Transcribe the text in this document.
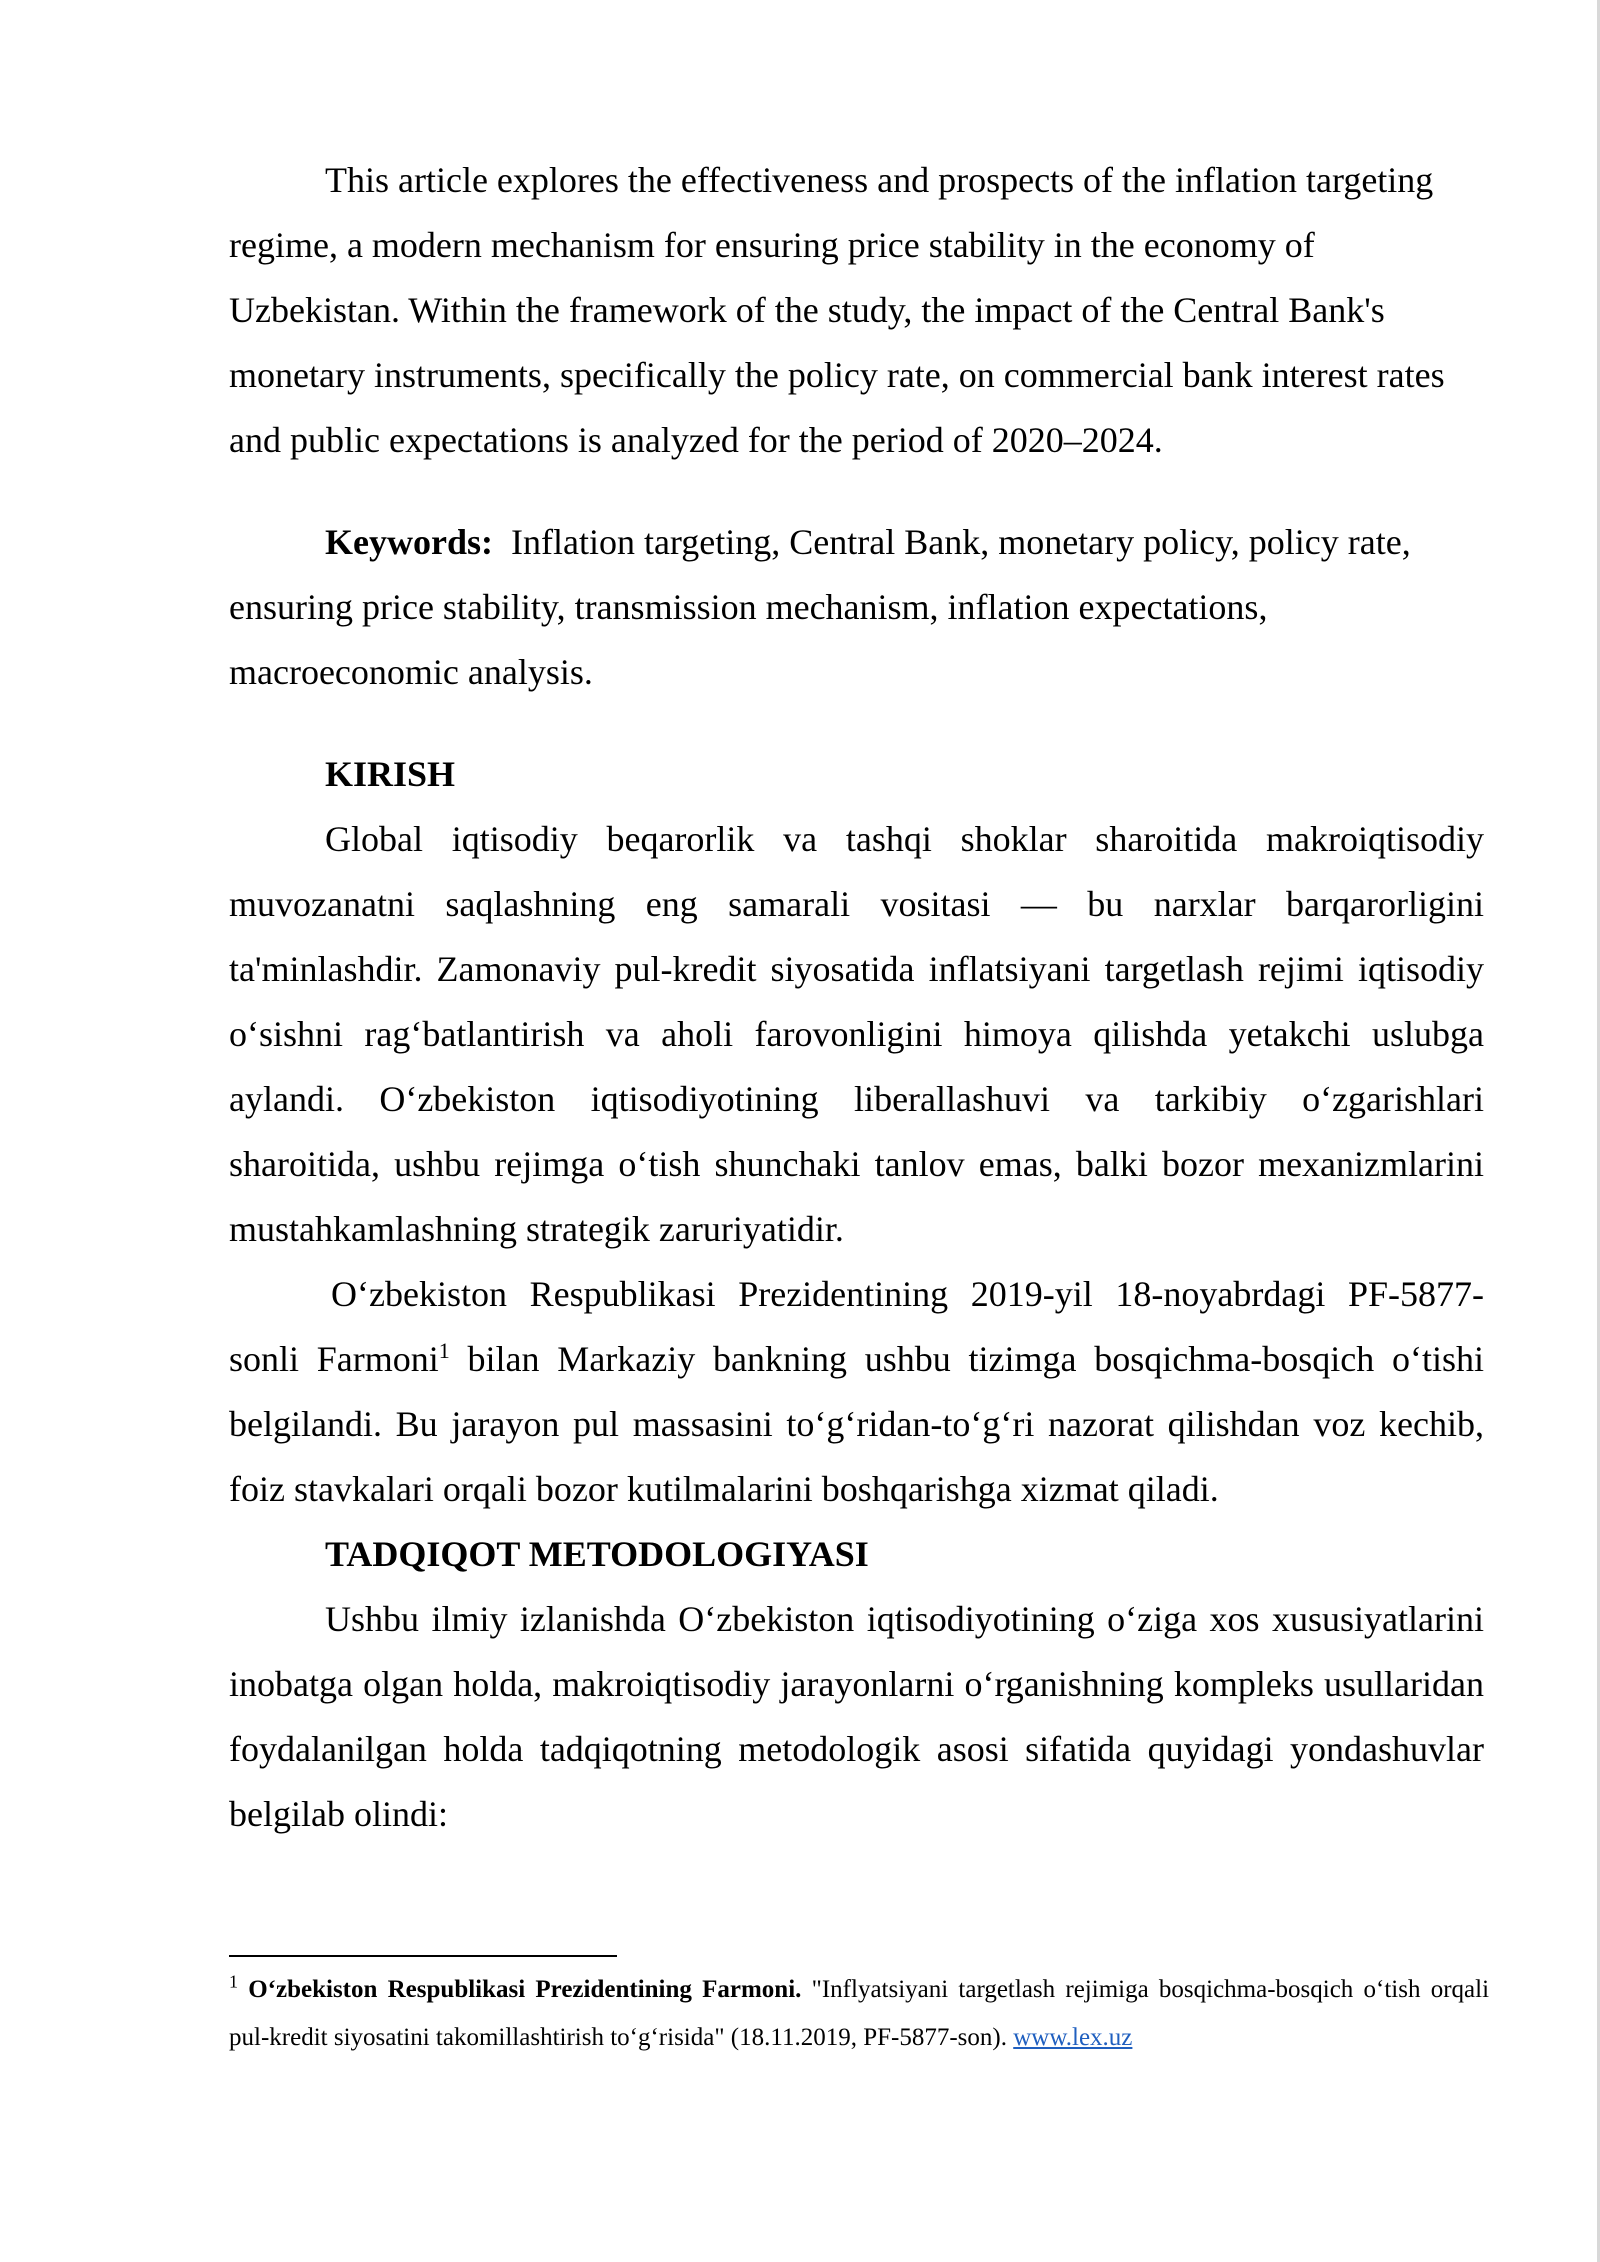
This article explores the effectiveness and prospects of the inflation targeting regime, a modern mechanism for ensuring price stability in the economy of Uzbekistan. Within the framework of the study, the impact of the Central Bank's monetary instruments, specifically the policy rate, on commercial bank interest rates and public expectations is analyzed for the period of 2020–2024.

Keywords: Inflation targeting, Central Bank, monetary policy, policy rate, ensuring price stability, transmission mechanism, inflation expectations, macroeconomic analysis.

KIRISH

Global iqtisodiy beqarorlik va tashqi shoklar sharoitida makroiqtisodiy muvozanatni saqlashning eng samarali vositasi — bu narxlar barqarorligini ta'minlashdir. Zamonaviy pul-kredit siyosatida inflatsiyani targetlash rejimi iqtisodiy o‘sishni rag‘batlantirish va aholi farovonligini himoya qilishda yetakchi uslubga aylandi. O‘zbekiston iqtisodiyotining liberallashuvi va tarkibiy o‘zgarishlari sharoitida, ushbu rejimga o‘tish shunchaki tanlov emas, balki bozor mexanizmlarini mustahkamlashning strategik zaruriyatidir.

O‘zbekiston Respublikasi Prezidentining 2019-yil 18-noyabrdagi PF-5877-sonli Farmoni$^1$ bilan Markaziy bankning ushbu tizimga bosqichma-bosqich o‘tishi belgilandi. Bu jarayon pul massasini to‘g‘ridan-to‘g‘ri nazorat qilishdan voz kechib, foiz stavkalari orqali bozor kutilmalarini boshqarishga xizmat qiladi.

TADQIQOT METODOLOGIYASI

Ushbu ilmiy izlanishda O‘zbekiston iqtisodiyotining o‘ziga xos xususiyatlarini inobatga olgan holda, makroiqtisodiy jarayonlarni o‘rganishning kompleks usullaridan foydalanilgan holda tadqiqotning metodologik asosi sifatida quyidagi yondashuvlar belgilab olindi:

$^1$ O‘zbekiston Respublikasi Prezidentining Farmoni. "Inflyatsiyani targetlash rejimiga bosqichma-bosqich o‘tish orqali pul-kredit siyosatini takomillashtirish to‘g‘risida" (18.11.2019, PF-5877-son). www.lex.uz
